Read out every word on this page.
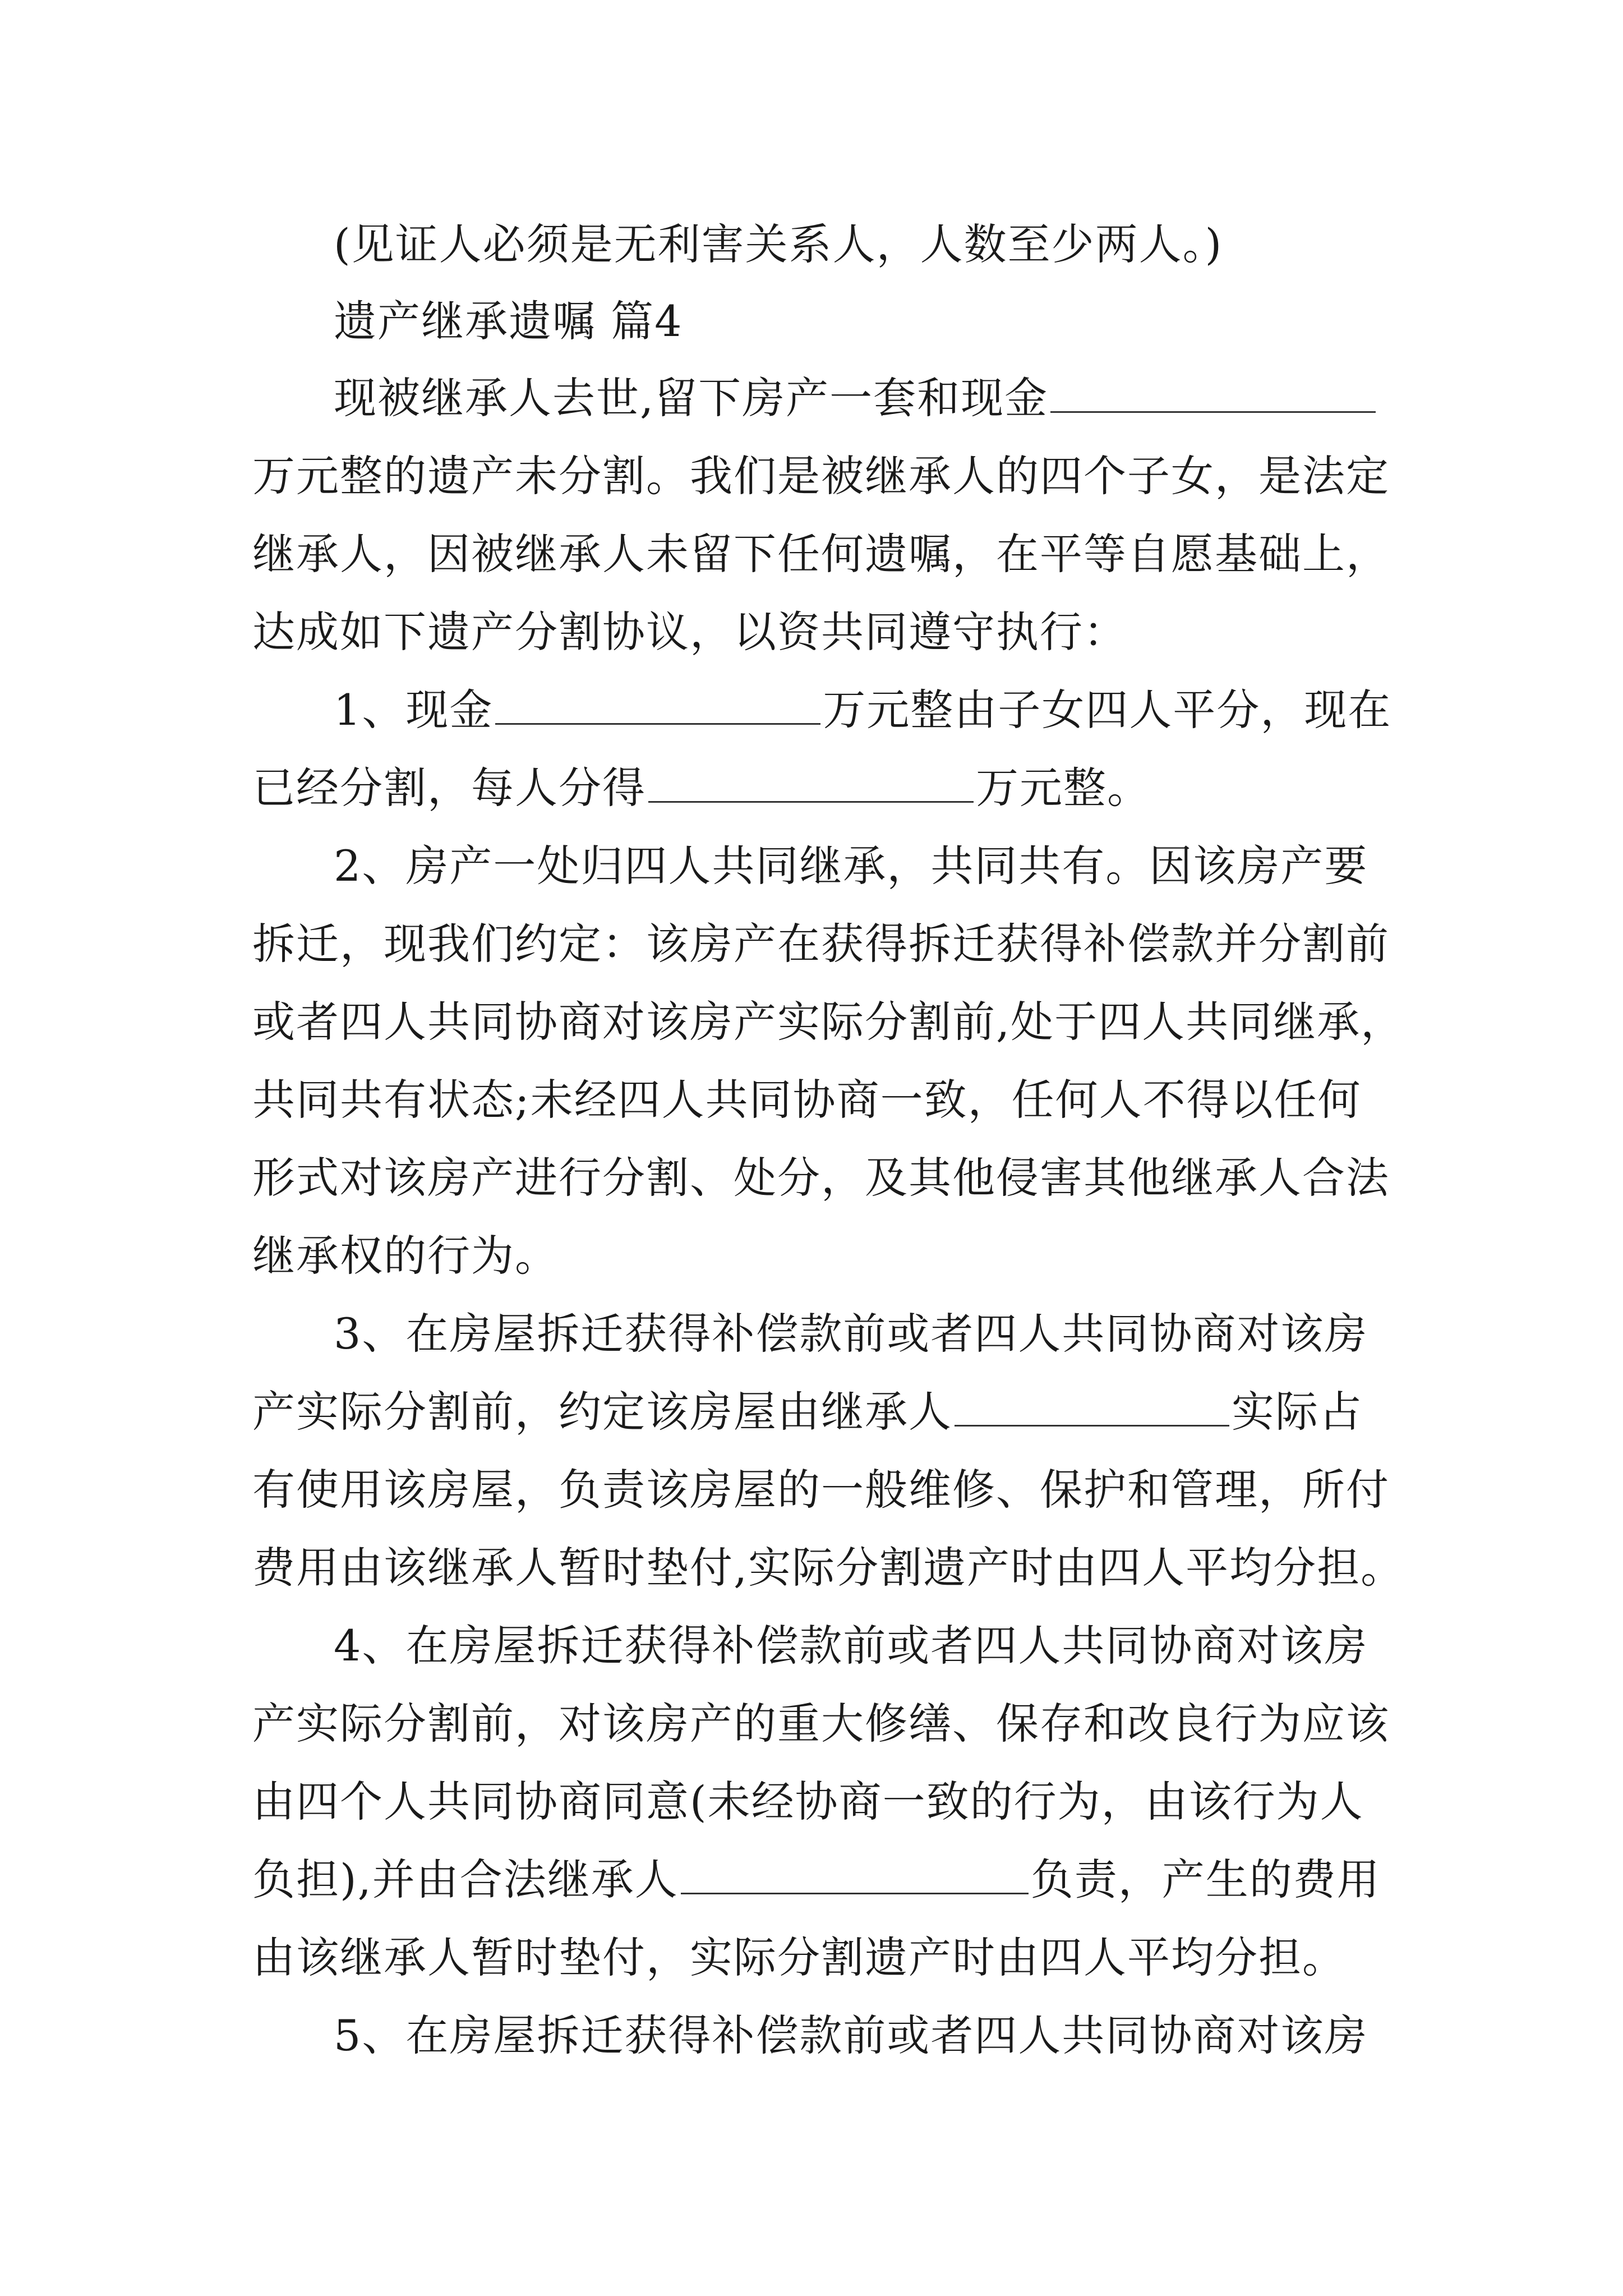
(见证人必须是无利害关系人，人数至少两人。)
遗产继承遗嘱 篇4
现被继承人去世,留下房产一套和现金
万元整的遗产未分割。我们是被继承人的四个子女，是法定
继承人，因被继承人未留下任何遗嘱，在平等自愿基础上，
达成如下遗产分割协议，以资共同遵守执行：
1、现金	万元整由子女四人平分，现在
已经分割，每人分得	万元整。
2、房产一处归四人共同继承，共同共有。因该房产要
拆迁，现我们约定：该房产在获得拆迁获得补偿款并分割前
或者四人共同协商对该房产实际分割前,处于四人共同继承，
共同共有状态;未经四人共同协商一致，任何人不得以任何
形式对该房产进行分割、处分，及其他侵害其他继承人合法
继承权的行为。
3、在房屋拆迁获得补偿款前或者四人共同协商对该房
产实际分割前，约定该房屋由继承人	实际占
有使用该房屋，负责该房屋的一般维修、保护和管理，所付
费用由该继承人暂时垫付,实际分割遗产时由四人平均分担。
4、在房屋拆迁获得补偿款前或者四人共同协商对该房
产实际分割前，对该房产的重大修缮、保存和改良行为应该
由四个人共同协商同意(未经协商一致的行为，由该行为人
负担),并由合法继承人	负责，产生的费用
由该继承人暂时垫付，实际分割遗产时由四人平均分担。
5、在房屋拆迁获得补偿款前或者四人共同协商对该房
